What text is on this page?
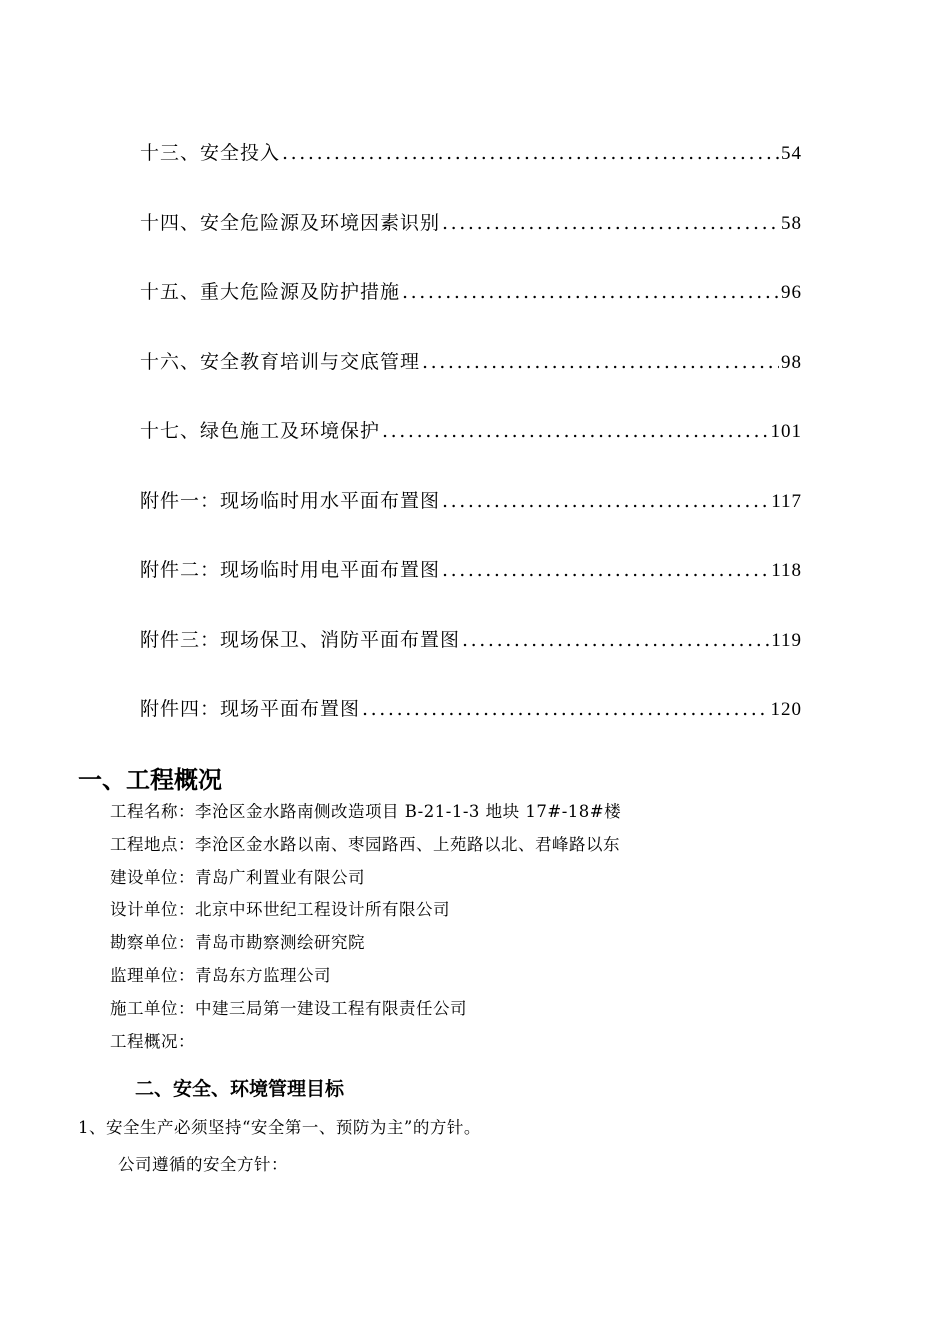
十三、安全投入 .....	54
十四、安全危险源及环境因素识别 .....	58
十五、重大危险源及防护措施 .....	96
十六、安全教育培训与交底管理 .....	98
十七、绿色施工及环境保护 .....	101
附件一：现场临时用水平面布置图 .....	117
附件二：现场临时用电平面布置图 .....	118
附件三：现场保卫、消防平面布置图 .....	119
附件四：现场平面布置图 .....	120
一、工程概况
工程名称：李沧区金水路南侧改造项目 B-21-1-3 地块 17#-18#楼
工程地点：李沧区金水路以南、枣园路西、上苑路以北、君峰路以东
建设单位：青岛广利置业有限公司
设计单位：北京中环世纪工程设计所有限公司
勘察单位：青岛市勘察测绘研究院
监理单位：青岛东方监理公司
施工单位：中建三局第一建设工程有限责任公司
工程概况：
二、安全、环境管理目标
1、安全生产必须坚持“安全第一、预防为主”的方针。
公司遵循的安全方针：
